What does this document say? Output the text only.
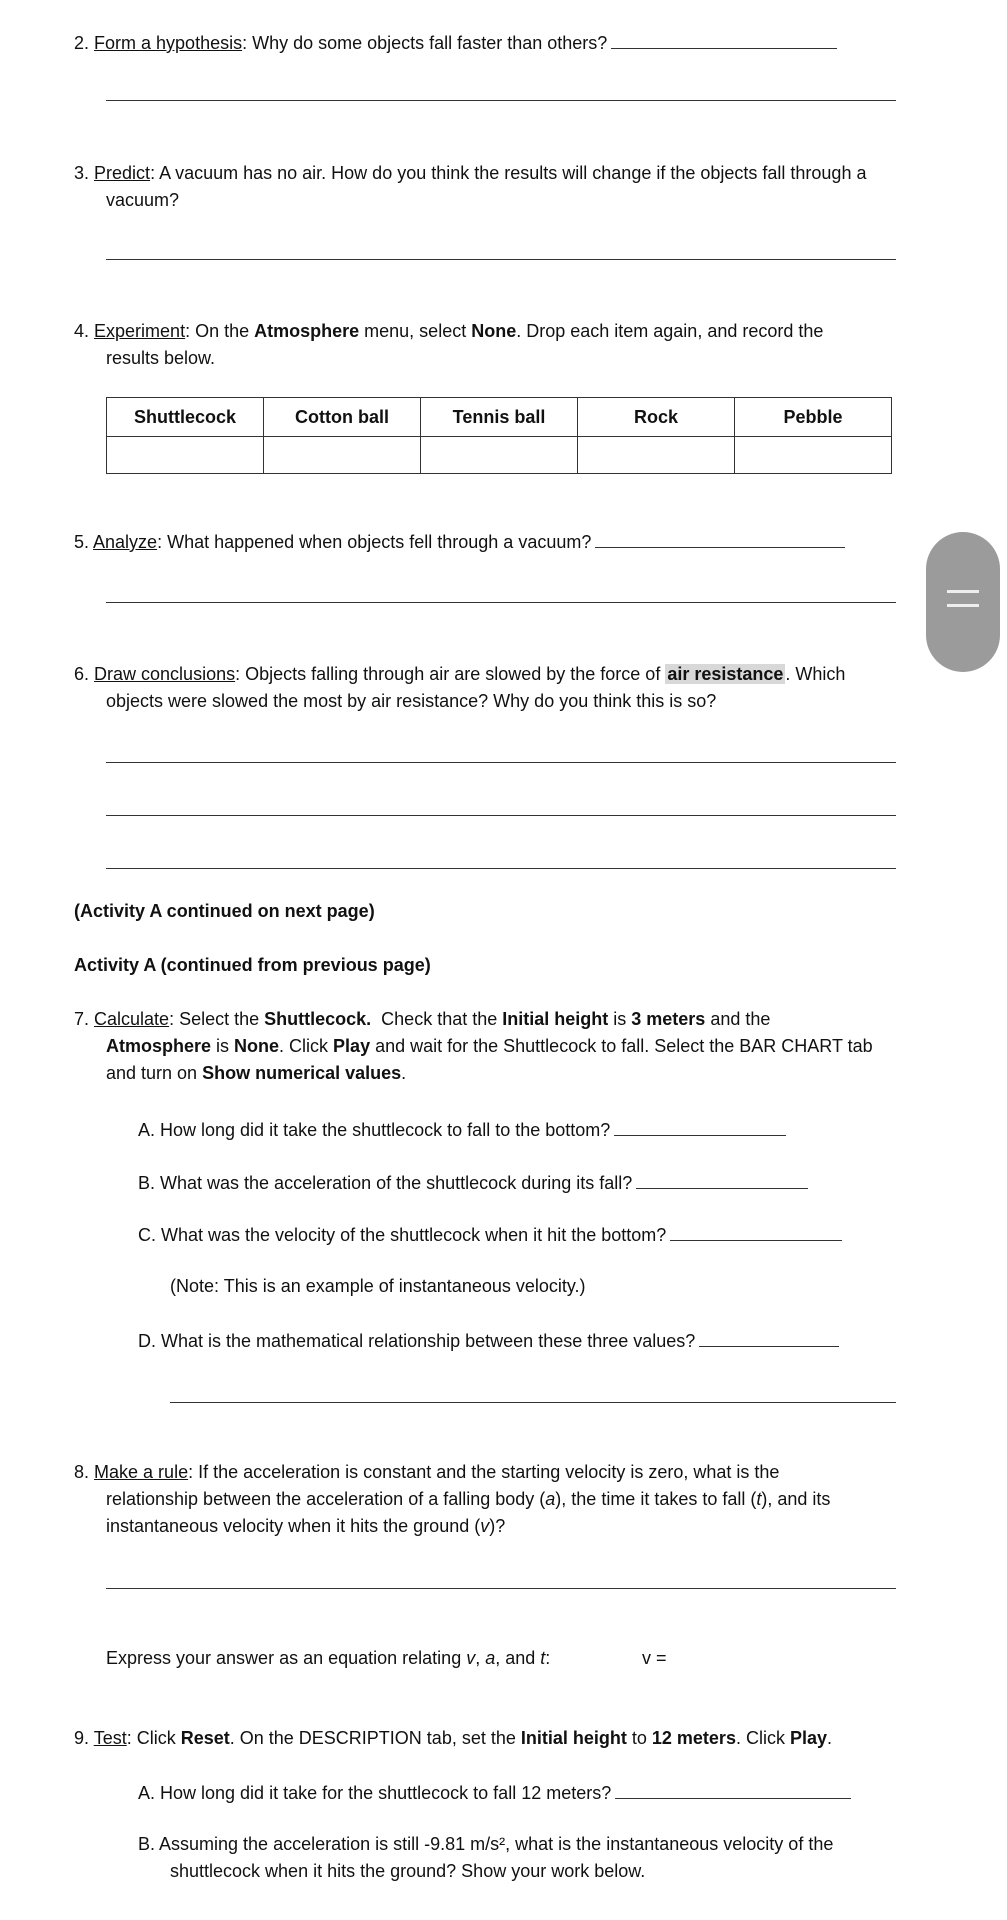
2. Form a hypothesis: Why do some objects fall faster than others?

3. Predict: A vacuum has no air. How do you think the results will change if the objects fall through a

vacuum?

4. Experiment: On the Atmosphere menu, select None. Drop each item again, and record the

results below.

Shuttlecock	Cotton ball	Tennis ball	Rock	Pebble

5. Analyze: What happened when objects fell through a vacuum?

6. Draw conclusions: Objects falling through air are slowed by the force of air resistance . Which

objects were slowed the most by air resistance? Why do you think this is so?

(Activity A continued on next page)

Activity A (continued from previous page)

7. Calculate: Select the Shuttlecock.  Check that the Initial height is 3 meters and the

Atmosphere is None. Click Play and wait for the Shuttlecock to fall. Select the BAR CHART tab

and turn on Show numerical values.

A. How long did it take the shuttlecock to fall to the bottom?

B. What was the acceleration of the shuttlecock during its fall?

C. What was the velocity of the shuttlecock when it hit the bottom?

(Note: This is an example of instantaneous velocity.)

D. What is the mathematical relationship between these three values?

8. Make a rule: If the acceleration is constant and the starting velocity is zero, what is the

relationship between the acceleration of a falling body (a), the time it takes to fall (t), and its

instantaneous velocity when it hits the ground (v)?

Express your answer as an equation relating v, a, and t:	v =

9. Test: Click Reset. On the DESCRIPTION tab, set the Initial height to 12 meters. Click Play.

A. How long did it take for the shuttlecock to fall 12 meters?

B. Assuming the acceleration is still -9.81 m/s², what is the instantaneous velocity of the

shuttlecock when it hits the ground? Show your work below.
